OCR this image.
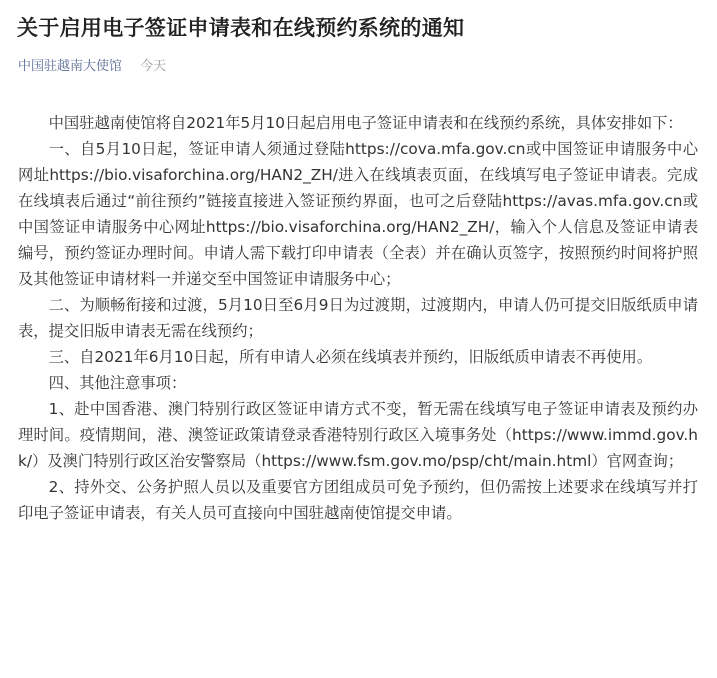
关于启用电子签证申请表和在线预约系统的通知
中国驻越南大使馆 今天

中国驻越南使馆将自2021年5月10日起启用电子签证申请表和在线预约系统，具体安排如下：

一、自5月10日起，签证申请人须通过登陆https://cova.mfa.gov.cn或中国签证申请服务中心网址https://bio.visaforchina.org/HAN2_ZH/进入在线填表页面，在线填写电子签证申请表。完成在线填表后通过“前往预约”链接直接进入签证预约界面，也可之后登陆https://avas.mfa.gov.cn或中国签证申请服务中心网址https://bio.visaforchina.org/HAN2_ZH/，输入个人信息及签证申请表编号，预约签证办理时间。申请人需下载打印申请表（全表）并在确认页签字，按照预约时间将护照及其他签证申请材料一并递交至中国签证申请服务中心；

二、为顺畅衔接和过渡，5月10日至6月9日为过渡期，过渡期内，申请人仍可提交旧版纸质申请表，提交旧版申请表无需在线预约；

三、自2021年6月10日起，所有申请人必须在线填表并预约，旧版纸质申请表不再使用。

四、其他注意事项：

1、赴中国香港、澳门特别行政区签证申请方式不变，暂无需在线填写电子签证申请表及预约办理时间。疫情期间，港、澳签证政策请登录香港特别行政区入境事务处（https://www.immd.gov.hk/）及澳门特别行政区治安警察局（https://www.fsm.gov.mo/psp/cht/main.html）官网查询；

2、持外交、公务护照人员以及重要官方团组成员可免予预约，但仍需按上述要求在线填写并打印电子签证申请表，有关人员可直接向中国驻越南使馆提交申请。
